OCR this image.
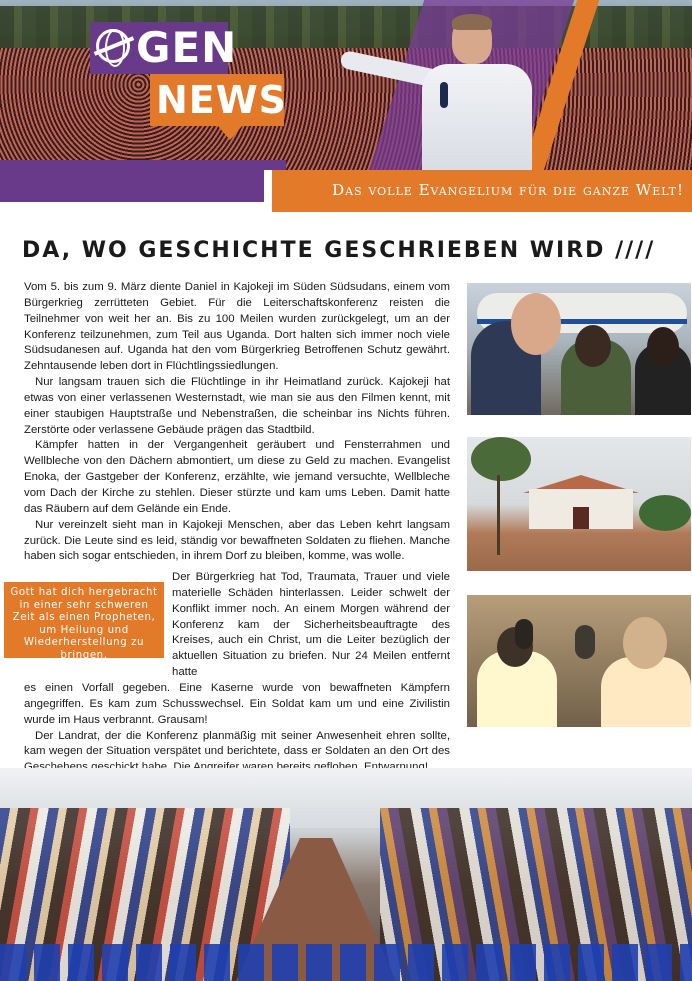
GEN
NEWS
Das volle Evangelium für die ganze Welt!
DA, WO GESCHICHTE GESCHRIEBEN WIRD ////

Vom 5. bis zum 9. März diente Daniel in Kajokeji im Süden Südsudans, einem vom Bürgerkrieg zerrütteten Gebiet. Für die Leiterschaftskonferenz reisten die Teilnehmer von weit her an. Bis zu 100 Meilen wurden zurückgelegt, um an der Konferenz teilzunehmen, zum Teil aus Uganda. Dort halten sich immer noch viele Südsudanesen auf. Uganda hat den vom Bürgerkrieg Betroffenen Schutz gewährt. Zehntausende leben dort in Flüchtlingssiedlungen.

Nur langsam trauen sich die Flüchtlinge in ihr Heimatland zurück. Kajokeji hat etwas von einer verlassenen Westernstadt, wie man sie aus den Filmen kennt, mit einer staubigen Hauptstraße und Nebenstraßen, die scheinbar ins Nichts führen. Zerstörte oder verlassene Gebäude prägen das Stadtbild.

Kämpfer hatten in der Vergangenheit geräubert und Fensterrahmen und Wellbleche von den Dächern abmontiert, um diese zu Geld zu machen. Evangelist Enoka, der Gastgeber der Konferenz, erzählte, wie jemand versuchte, Wellbleche vom Dach der Kirche zu stehlen. Dieser stürzte und kam ums Leben. Damit hatte das Räubern auf dem Gelände ein Ende.

Nur vereinzelt sieht man in Kajokeji Menschen, aber das Leben kehrt langsam zurück. Die Leute sind es leid, ständig vor bewaffneten Soldaten zu fliehen. Manche haben sich sogar entschieden, in ihrem Dorf zu bleiben, komme, was wolle.

Gott hat dich hergebracht in einer sehr schweren Zeit als einen Propheten, um Heilung und Wiederherstellung zu bringen.
Der Bürgerkrieg hat Tod, Traumata, Trauer und viele materielle Schäden hinterlassen. Leider schwelt der Konflikt immer noch. An einem Morgen während der Konferenz kam der Sicherheitsbeauftragte des Kreises, auch ein Christ, um die Leiter bezüglich der aktuellen Situation zu briefen. Nur 24 Meilen entfernt hatte

es einen Vorfall gegeben. Eine Kaserne wurde von bewaffneten Kämpfern angegriffen. Es kam zum Schusswechsel. Ein Soldat kam um und eine Zivilistin wurde im Haus verbrannt. Grausam!

Der Landrat, der die Konferenz planmäßig mit seiner Anwesenheit ehren sollte, kam wegen der Situation verspätet und berichtete, dass er Soldaten an den Ort des
